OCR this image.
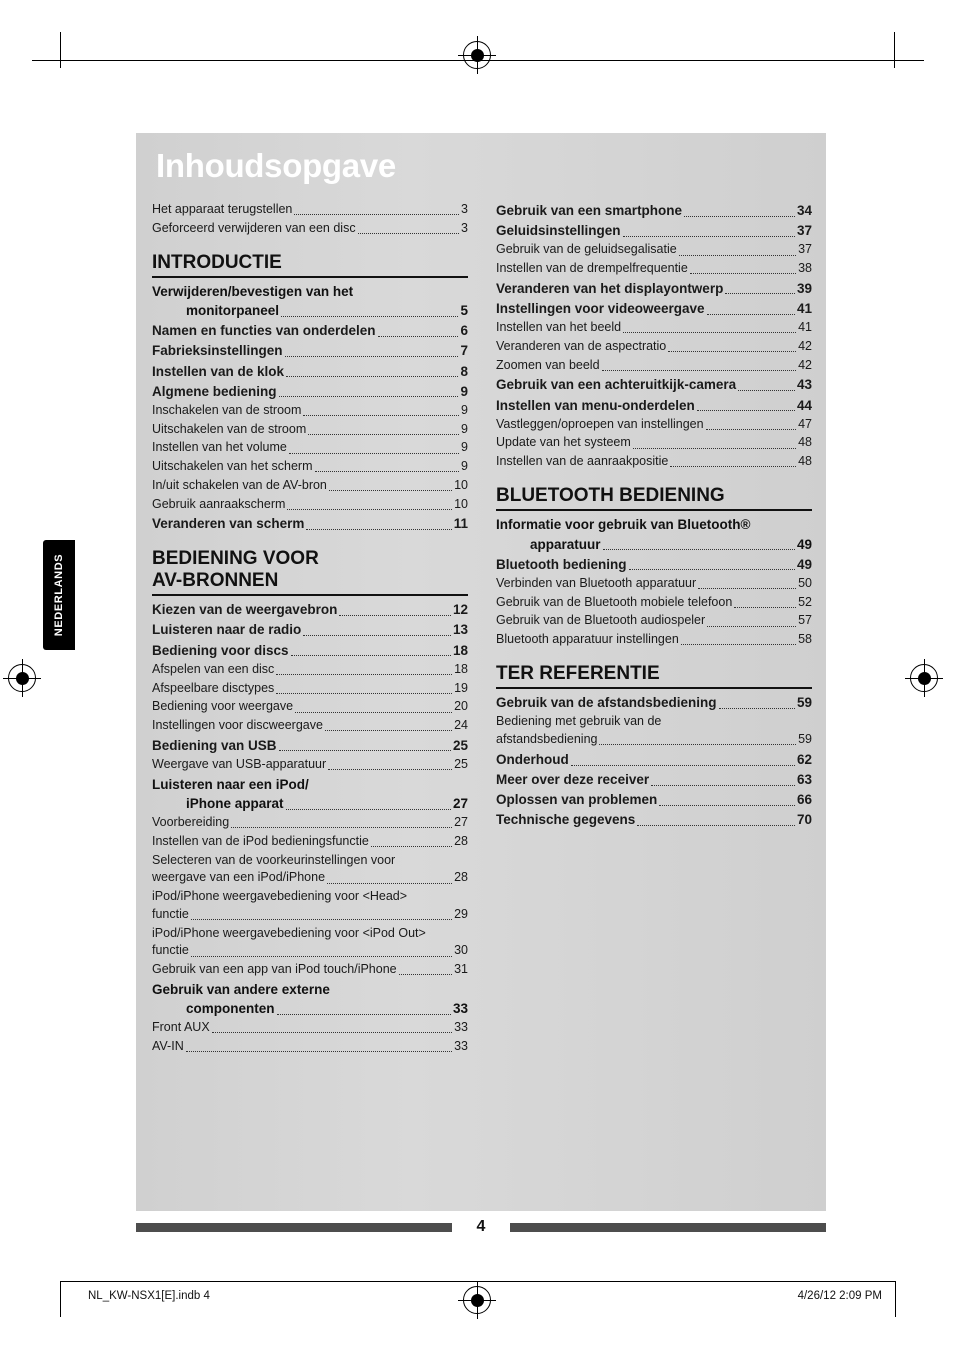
NEDERLANDS
Inhoudsopgave
Het apparaat terugstellen	3
Geforceerd verwijderen van een disc	3
INTRODUCTIE
Verwijderen/bevestigen van het
monitorpaneel	5
Namen en functies van onderdelen	6
Fabrieksinstellingen	7
Instellen van de klok	8
Algmene bediening	9
Inschakelen van de stroom	9
Uitschakelen van de stroom	9
Instellen van het volume	9
Uitschakelen van het scherm	9
In/uit schakelen van de AV-bron	10
Gebruik aanraakscherm	10
Veranderen van scherm	11
BEDIENING VOOR
AV-BRONNEN
Kiezen van de weergavebron	12
Luisteren naar de radio	13
Bediening voor discs	18
Afspelen van een disc	18
Afspeelbare disctypes	19
Bediening voor weergave	20
Instellingen voor discweergave	24
Bediening van USB	25
Weergave van USB-apparatuur	25
Luisteren naar een iPod/
iPhone apparat	27
Voorbereiding	27
Instellen van de iPod bedieningsfunctie	28
Selecteren van de voorkeurinstellingen voor
weergave van een iPod/iPhone	28
iPod/iPhone weergavebediening voor <Head>
functie	29
iPod/iPhone weergavebediening voor <iPod Out>
functie	30
Gebruik van een app van iPod touch/iPhone	31
Gebruik van andere externe
componenten	33
Front AUX	33
AV-IN	33
Gebruik van een smartphone	34
Geluidsinstellingen	37
Gebruik van de geluidsegalisatie	37
Instellen van de drempelfrequentie	38
Veranderen van het displayontwerp	39
Instellingen voor videoweergave	41
Instellen van het beeld	41
Veranderen van de aspectratio	42
Zoomen van beeld	42
Gebruik van een achteruitkijk-camera	43
Instellen van menu-onderdelen	44
Vastleggen/oproepen van instellingen	47
Update van het systeem	48
Instellen van de aanraakpositie	48
BLUETOOTH BEDIENING
Informatie voor gebruik van Bluetooth®
apparatuur	49
Bluetooth bediening	49
Verbinden van Bluetooth apparatuur	50
Gebruik van de Bluetooth mobiele telefoon	52
Gebruik van de Bluetooth audiospeler	57
Bluetooth apparatuur instellingen	58
TER REFERENTIE
Gebruik van de afstandsbediening	59
Bediening met gebruik van de
afstandsbediening	59
Onderhoud	62
Meer over deze receiver	63
Oplossen van problemen	66
Technische gegevens	70
4
NL_KW-NSX1[E].indb 4	4/26/12 2:09 PM
